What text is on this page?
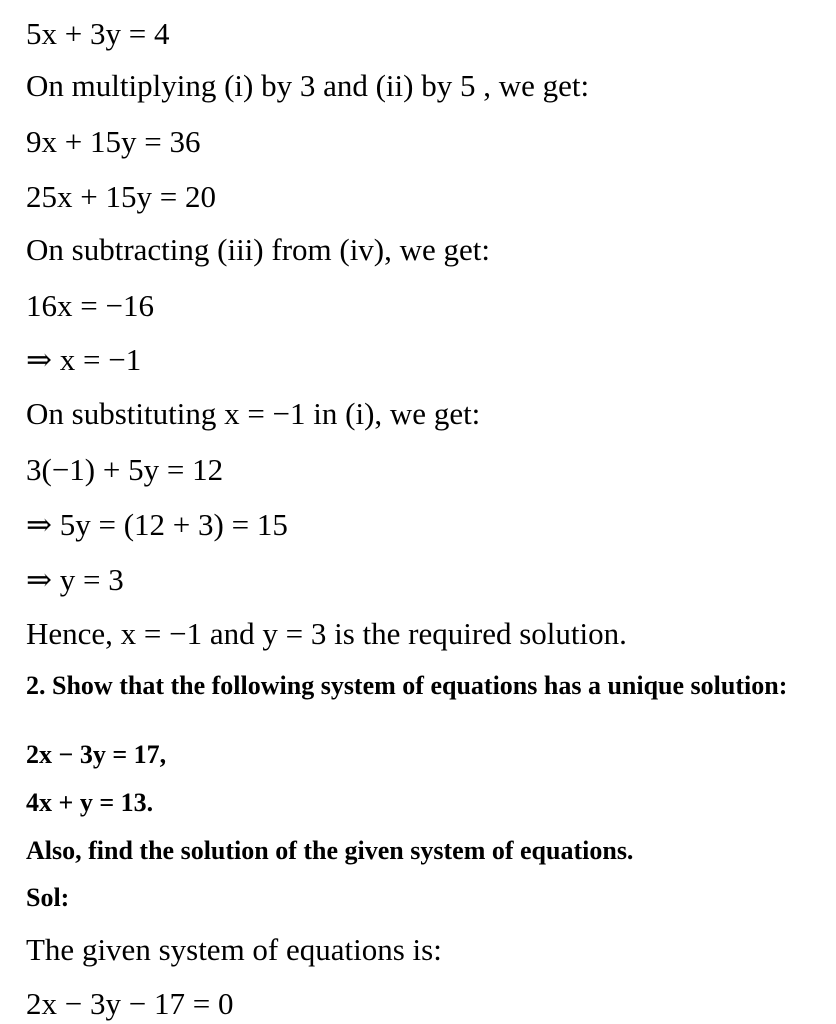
5x + 3y = 4
On multiplying (i) by 3 and (ii) by 5 , we get:
9x + 15y = 36
25x + 15y = 20
On subtracting (iii) from (iv), we get:
16x = −16
⇒ x = −1
On substituting x = −1 in (i), we get:
3(−1) + 5y = 12
⇒ 5y = (12 + 3) = 15
⇒ y = 3
Hence, x = −1 and y = 3 is the required solution.
2. Show that the following system of equations has a unique solution:
2x − 3y = 17,
4x + y = 13.
Also, find the solution of the given system of equations.
Sol:
The given system of equations is:
2x − 3y − 17 = 0
